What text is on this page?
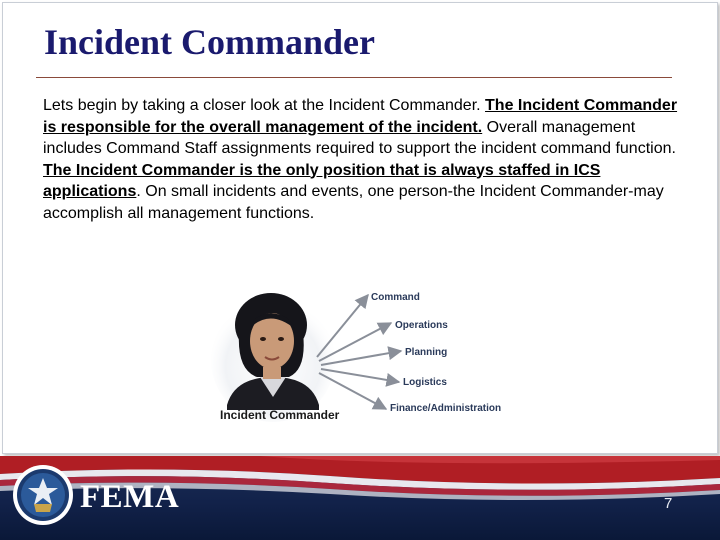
Incident Commander

Lets begin by taking a closer look at the Incident Commander. The Incident Commander is responsible for the overall management of the incident. Overall management includes Command Staff assignments required to support the incident command function. The Incident Commander is the only position that is always staffed in ICS applications. On small incidents and events, one person-the Incident Commander-may accomplish all management functions.

Command
Operations
Planning
Logistics
Finance/Administration
Incident Commander
FEMA	7
